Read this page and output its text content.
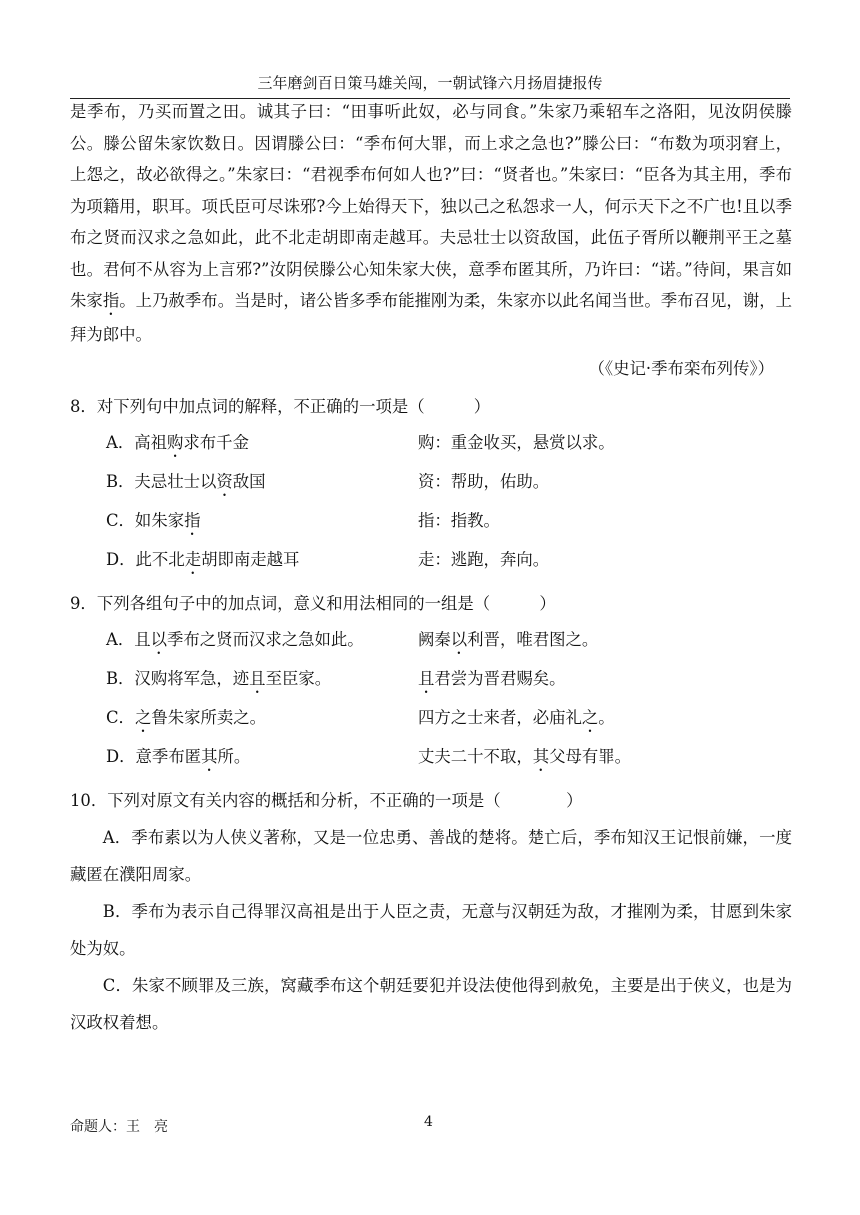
三年磨剑百日策马雄关闯，一朝试锋六月扬眉捷报传

是季布，乃买而置之田。诚其子曰：“田事听此奴，必与同食。”朱家乃乘轺车之洛阳，见汝阴侯滕公。滕公留朱家饮数日。因谓滕公曰：“季布何大罪，而上求之急也?”滕公曰：“布数为项羽窘上，上怨之，故必欲得之。”朱家曰：“君视季布何如人也?”曰：“贤者也。”朱家曰：“臣各为其主用，季布为项籍用，职耳。项氏臣可尽诛邪?今上始得天下，独以己之私怨求一人，何示天下之不广也!且以季布之贤而汉求之急如此，此不北走胡即南走越耳。夫忌壮士以资敌国，此伍子胥所以鞭荆平王之墓也。君何不从容为上言邪?”汝阴侯滕公心知朱家大侠，意季布匿其所，乃许曰：“诺。”待间，果言如朱家指。上乃赦季布。当是时，诸公皆多季布能摧刚为柔，朱家亦以此名闻当世。季布召见，谢，上拜为郎中。

（《史记·季布栾布列传》）
8．对下列句中加点词的解释，不正确的一项是（　　　）
A．高祖购求布千金	购：重金收买，悬赏以求。
B．夫忌壮士以资敌国	资：帮助，佑助。
C．如朱家指	指：指教。
D．此不北走胡即南走越耳	走：逃跑，奔向。
9．下列各组句子中的加点词，意义和用法相同的一组是（　　　）
A．且以季布之贤而汉求之急如此。	阙秦以利晋，唯君图之。
B．汉购将军急，迹且至臣家。	且君尝为晋君赐矣。
C．之鲁朱家所卖之。	四方之士来者，必庙礼之。
D．意季布匿其所。	丈夫二十不取，其父母有罪。
10．下列对原文有关内容的概括和分析，不正确的一项是（　　　　）

A．季布素以为人侠义著称，又是一位忠勇、善战的楚将。楚亡后，季布知汉王记恨前嫌，一度藏匿在濮阳周家。

B．季布为表示自己得罪汉高祖是出于人臣之责，无意与汉朝廷为敌，才摧刚为柔，甘愿到朱家处为奴。

C．朱家不顾罪及三族，窝藏季布这个朝廷要犯并设法使他得到赦免，主要是出于侠义，也是为汉政权着想。

命题人：王　亮	4
